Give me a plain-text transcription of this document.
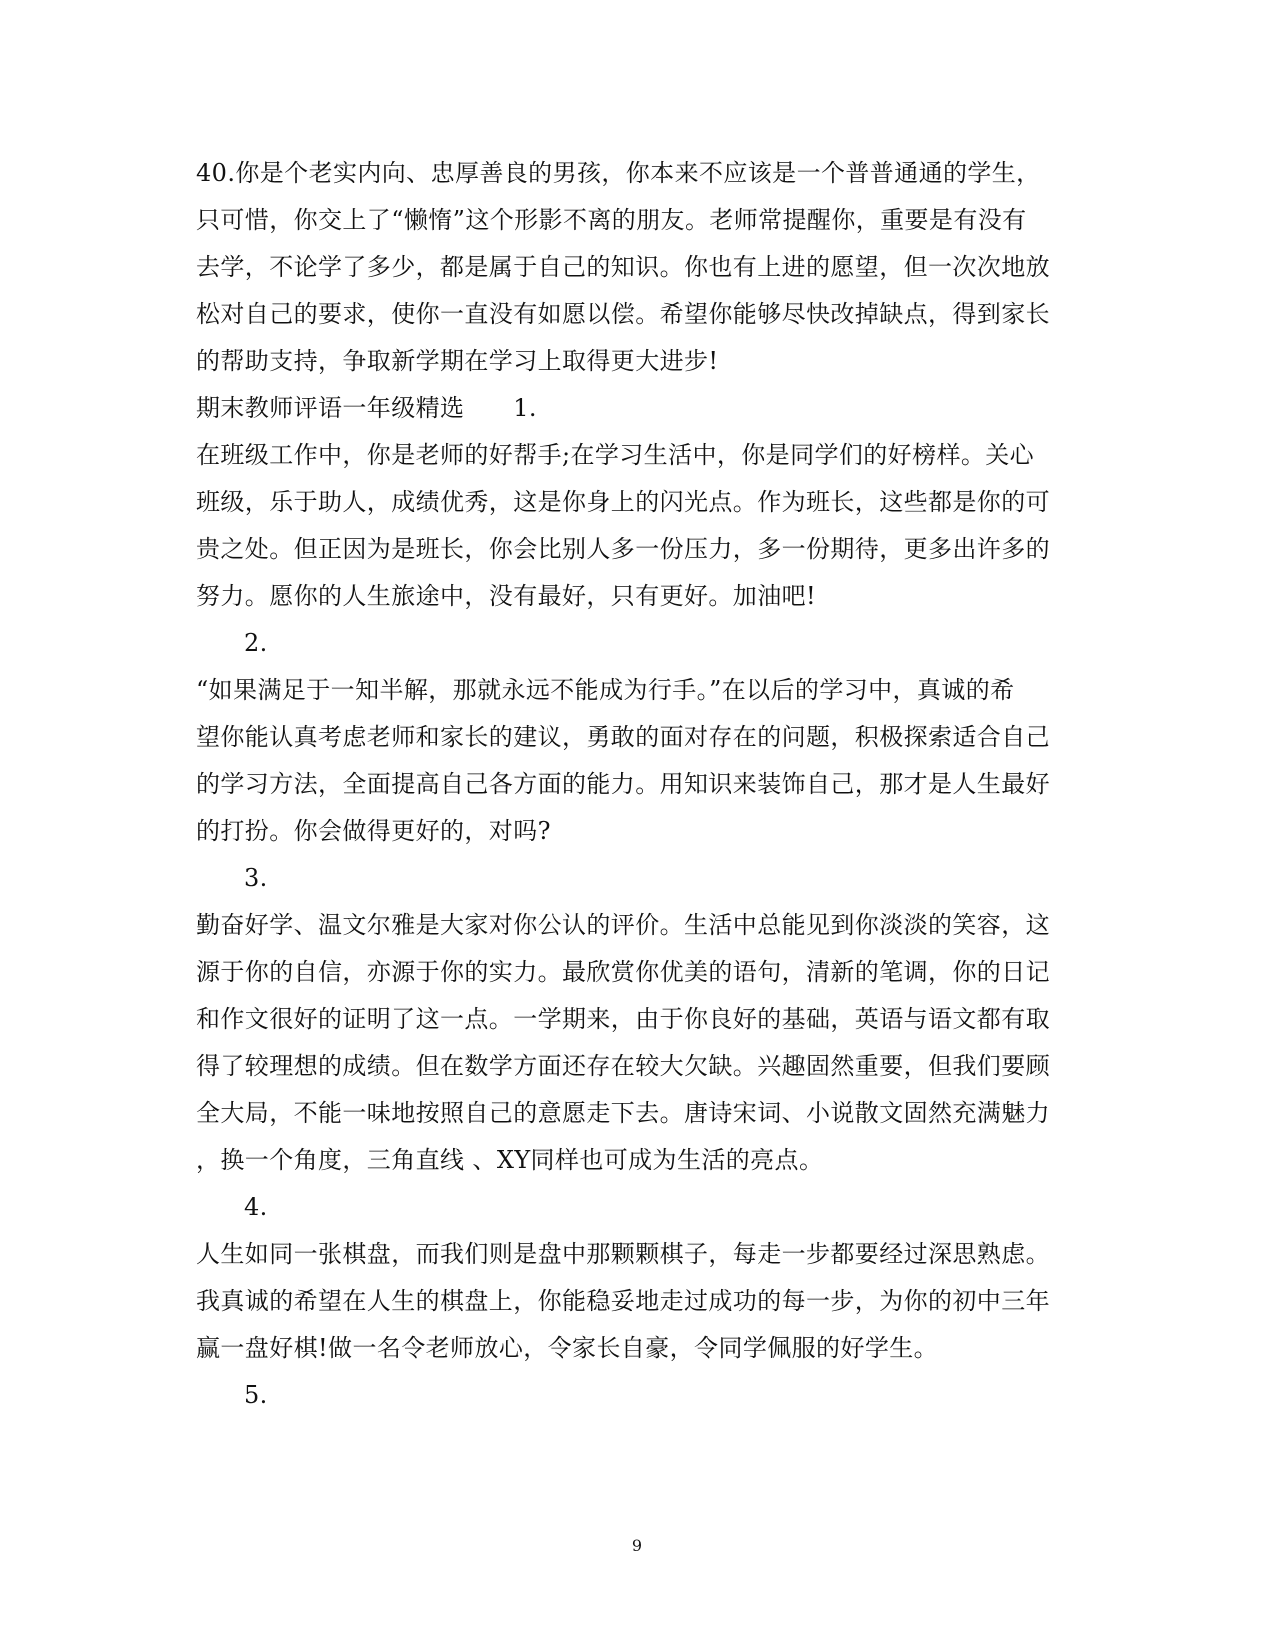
40.你是个老实内向、忠厚善良的男孩，你本来不应该是一个普普通通的学生，
只可惜，你交上了“懒惰”这个形影不离的朋友。老师常提醒你，重要是有没有
去学，不论学了多少，都是属于自己的知识。你也有上进的愿望，但一次次地放
松对自己的要求，使你一直没有如愿以偿。希望你能够尽快改掉缺点，得到家长
的帮助支持，争取新学期在学习上取得更大进步!
期末教师评语一年级精选　　1.
在班级工作中，你是老师的好帮手;在学习生活中，你是同学们的好榜样。关心
班级，乐于助人，成绩优秀，这是你身上的闪光点。作为班长，这些都是你的可
贵之处。但正因为是班长，你会比别人多一份压力，多一份期待，更多出许多的
努力。愿你的人生旅途中，没有最好，只有更好。加油吧!
2.
“如果满足于一知半解，那就永远不能成为行手。”在以后的学习中，真诚的希
望你能认真考虑老师和家长的建议，勇敢的面对存在的问题，积极探索适合自己
的学习方法，全面提高自己各方面的能力。用知识来装饰自己，那才是人生最好
的打扮。你会做得更好的，对吗?
3.
勤奋好学、温文尔雅是大家对你公认的评价。生活中总能见到你淡淡的笑容，这
源于你的自信，亦源于你的实力。最欣赏你优美的语句，清新的笔调，你的日记
和作文很好的证明了这一点。一学期来，由于你良好的基础，英语与语文都有取
得了较理想的成绩。但在数学方面还存在较大欠缺。兴趣固然重要，但我们要顾
全大局，不能一味地按照自己的意愿走下去。唐诗宋词、小说散文固然充满魅力
，换一个角度，三角直线 、XY同样也可成为生活的亮点。
4.
人生如同一张棋盘，而我们则是盘中那颗颗棋子，每走一步都要经过深思熟虑。
我真诚的希望在人生的棋盘上，你能稳妥地走过成功的每一步，为你的初中三年
赢一盘好棋!做一名令老师放心，令家长自豪，令同学佩服的好学生。
5.
9
